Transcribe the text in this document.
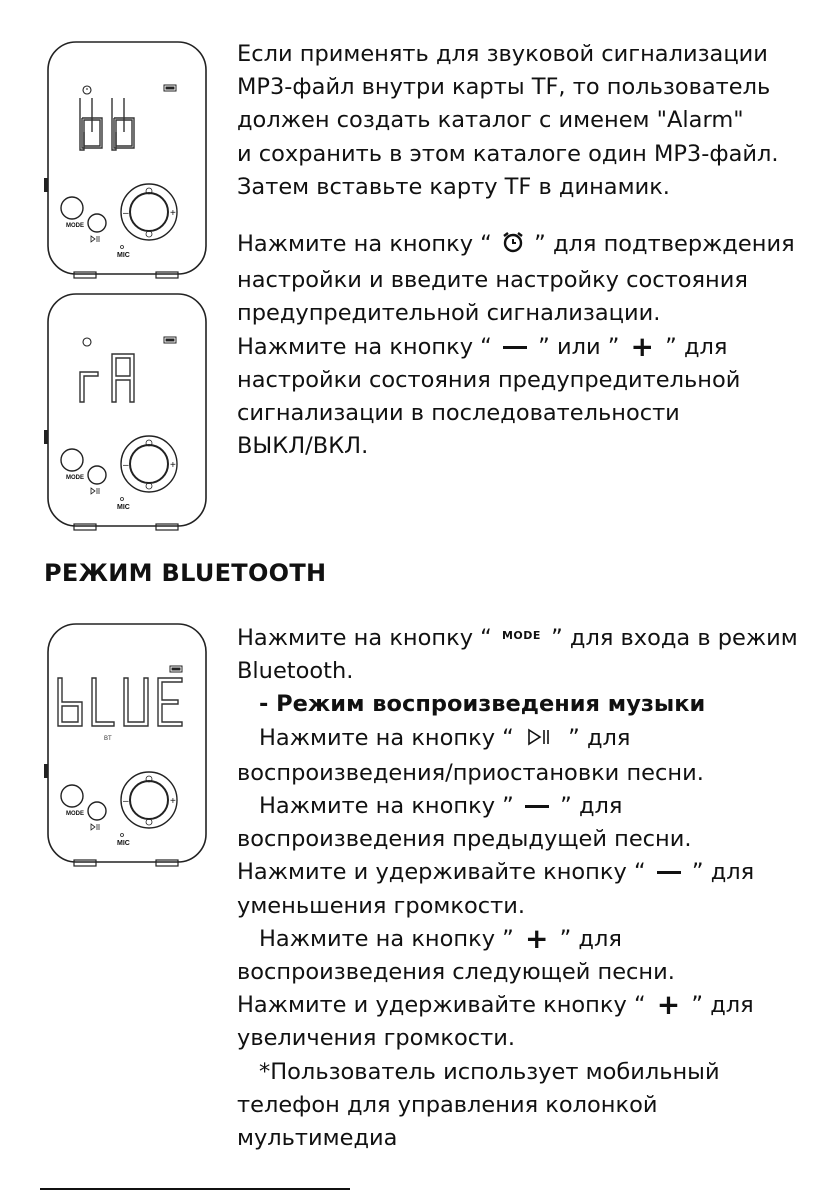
MODE
MIC
–	+
MODE
MIC
–	+
BT
MODE
MIC
–	+

Если применять для звуковой сигнализации

MP3-файл внутри карты TF, то пользователь

должен создать каталог с именем "Alarm"

и сохранить в этом каталоге один MP3-файл.

Затем вставьте карту TF в динамик.

Нажмите на кнопку “ ” для подтверждения

настройки и введите настройку состояния

предупредительной сигнализации.

Нажмите на кнопку “ ” или ” + ” для

настройки состояния предупредительной

сигнализации в последовательности

ВЫКЛ/ВКЛ.

РЕЖИМ BLUETOOTH

Нажмите на кнопку “ $^{MODE}$ ” для входа в режим

Bluetooth.

- Режим воспроизведения музыки

Нажмите на кнопку “ ” для

воспроизведения/приостановки песни.

Нажмите на кнопку ” ” для

воспроизведения предыдущей песни.

Нажмите и удерживайте кнопку “ ” для

уменьшения громкости.

Нажмите на кнопку ” + ” для

воспроизведения следующей песни.

Нажмите и удерживайте кнопку “ + ” для

увеличения громкости.

*Пользователь использует мобильный

телефон для управления колонкой

мультимедиа
